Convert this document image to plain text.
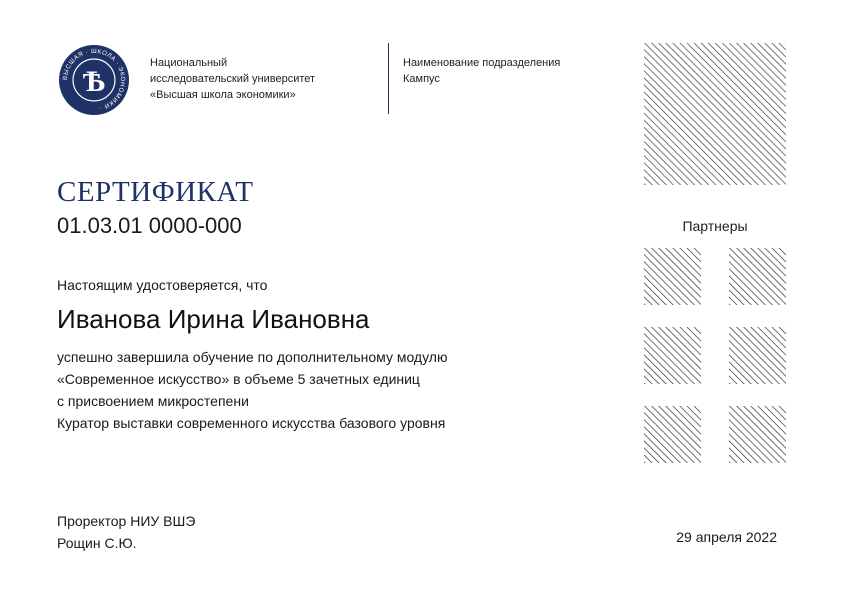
ВЫСШАЯ · ШКОЛА · ЭКОНОМИКИ ·
Ѣ
Национальный
исследовательский университет
«Высшая школа экономики»
Наименование подразделения
Кампус
Партнеры
СЕРТИФИКАТ
01.03.01 0000-000
Настоящим удостоверяется, что
Иванова Ирина Ивановна
успешно завершила обучение по дополнительному модулю
«Современное искусство» в объеме 5 зачетных единиц
с присвоением микростепени
Куратор выставки современного искусства базового уровня
Проректор НИУ ВШЭ
Рощин С.Ю.	29 апреля 2022
